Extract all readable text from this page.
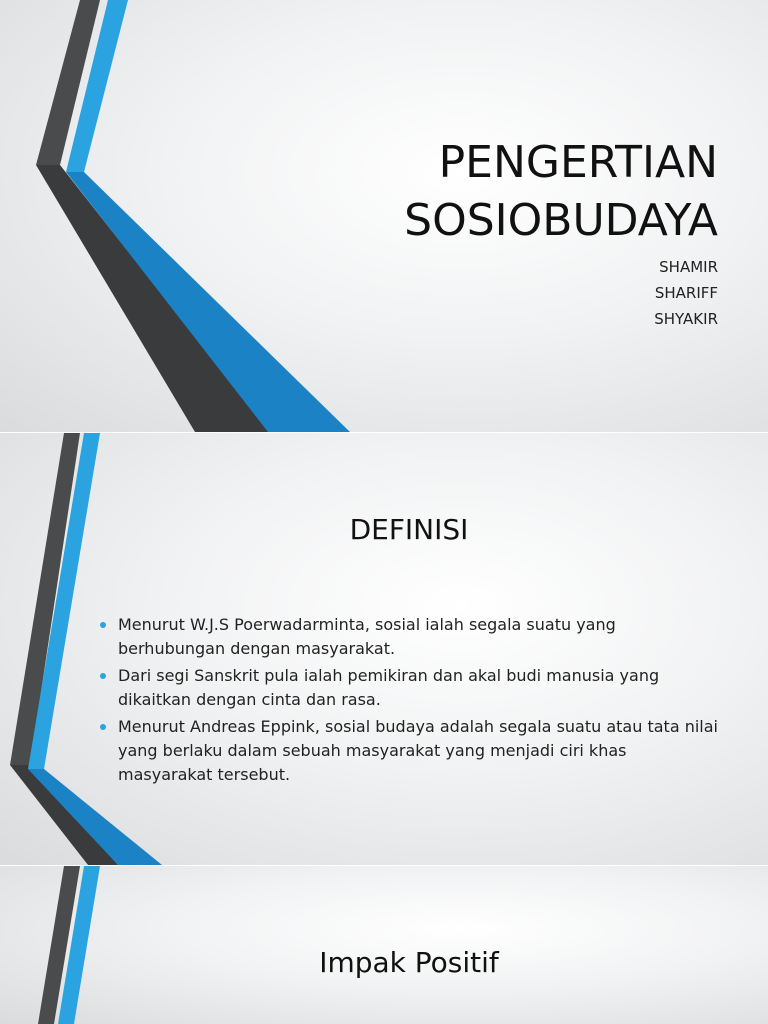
PENGERTIAN
SOSIOBUDAYA
SHAMIR
SHARIFF
SHYAKIR
DEFINISI
Menurut W.J.S Poerwadarminta, sosial ialah segala suatu yang berhubungan dengan masyarakat.
Dari segi Sanskrit pula ialah pemikiran dan akal budi manusia yang dikaitkan dengan cinta dan rasa.
Menurut Andreas Eppink, sosial budaya adalah segala suatu atau tata nilai yang berlaku dalam sebuah masyarakat yang menjadi ciri khas masyarakat tersebut.
Impak Positif
